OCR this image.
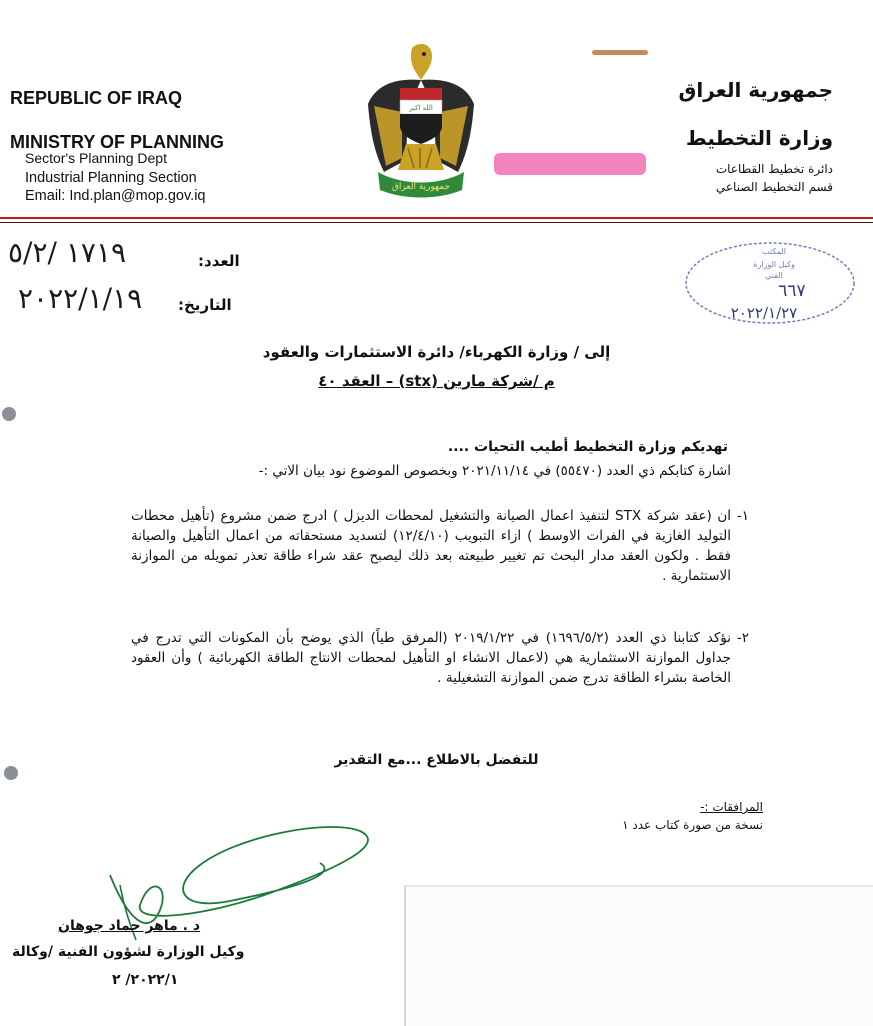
REPUBLIC OF IRAQ
MINISTRY OF PLANNING
Sector's Planning Dept
Industrial Planning Section
Email: Ind.plan@mop.gov.iq
الله اكبر
جمهورية العراق
جمهورية العراق
وزارة التخطيط
دائرة تخطيط القطاعات
قسم التخطيط الصناعي
العدد:
١٧١٩ /٥/٢
التاريخ:
٢٠٢٢/١/١٩
المكتب
وكيل الوزارة
الفني
٦٦٧
٢٠٢٢/١/٢٧
إلى / وزارة الكهرباء/ دائرة الاستثمارات والعقود
م /شركة مارين (stx) – العقد ٤٠
تهديكم وزارة التخطيط أطيب التحيات ....
اشارة كتابكم ذي العدد (٥٥٤٧٠) في ٢٠٢١/١١/١٤ وبخصوص الموضوع نود بيان الاتي :-
١-
ان (عقد شركة STX لتنفيذ اعمال الصيانة والتشغيل لمحطات الديزل ) ادرج ضمن مشروع (تأهيل محطات التوليد الغازية في الفرات الاوسط ) ازاء التبويب (١٢/٤/١٠) لتسديد مستحقاته من اعمال التأهيل والصيانة فقط . ولكون العقد مدار البحث تم تغيير طبيعته بعد ذلك ليصبح عقد شراء طاقة تعذر تمويله من الموازنة الاستثمارية .
٢-
نؤكد كتابنا ذي العدد (١٦٩٦/٥/٢) في ٢٠١٩/١/٢٢ (المرفق طياً) الذي يوضح بأن المكونات التي تدرج في جداول الموازنة الاستثمارية هي (لاعمال الانشاء او التأهيل لمحطات الانتاج الطاقة الكهربائية ) وأن العقود الخاصة بشراء الطاقة تدرج ضمن الموازنة التشغيلية .
للتفضل بالاطلاع ...مع التقدير
المرافقات :-
نسخة من صورة كتاب عدد ١
د . ماهر حماد جوهان
وكيل الوزارة لشؤون الفنية /وكالة
٢٠٢٢/١/ ٢
